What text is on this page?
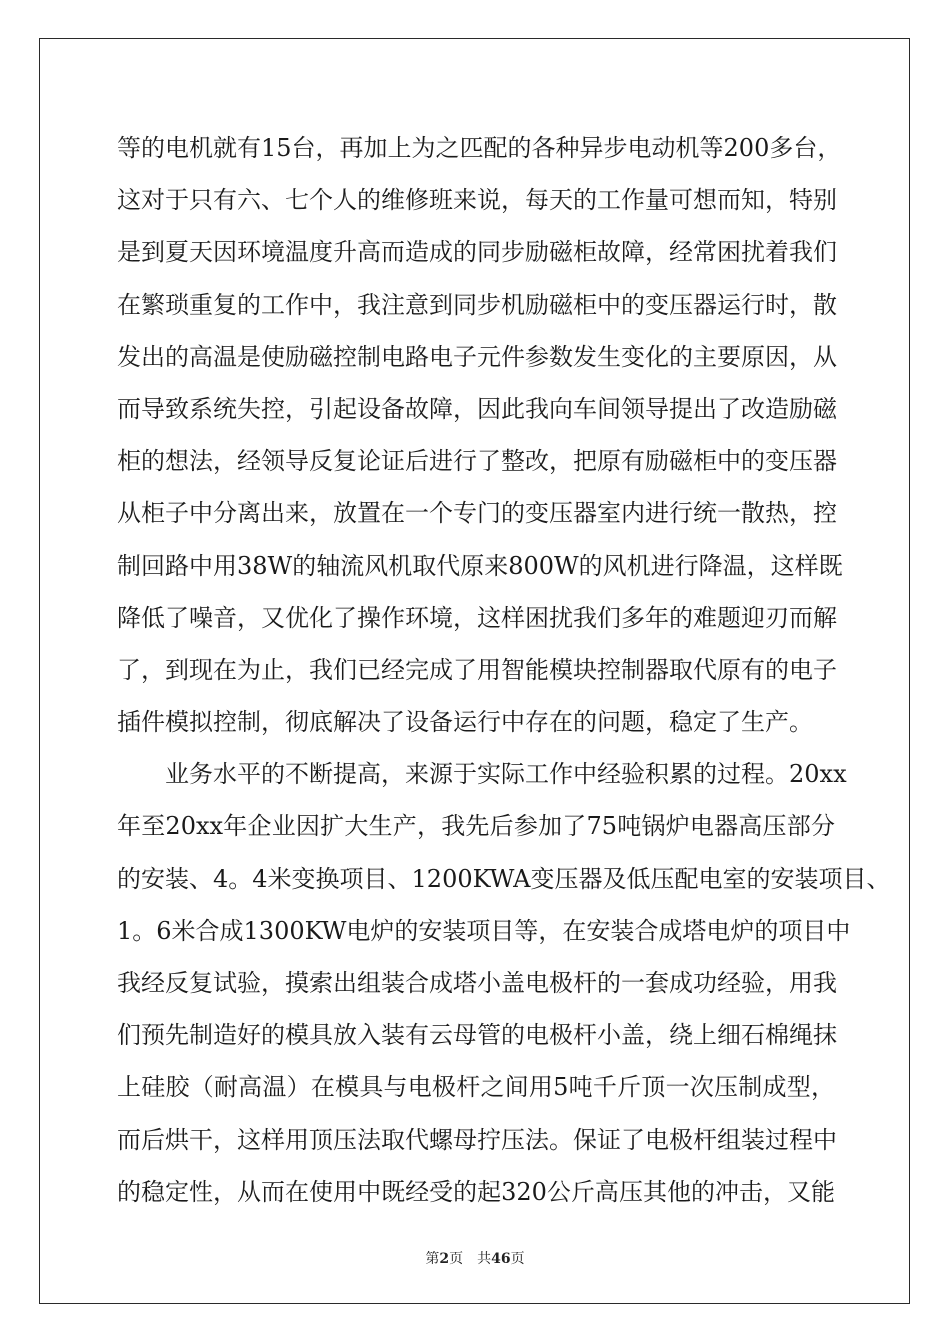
等的电机就有15台，再加上为之匹配的各种异步电动机等200多台，
这对于只有六、七个人的维修班来说，每天的工作量可想而知，特别
是到夏天因环境温度升高而造成的同步励磁柜故障，经常困扰着我们
在繁琐重复的工作中，我注意到同步机励磁柜中的变压器运行时，散
发出的高温是使励磁控制电路电子元件参数发生变化的主要原因，从
而导致系统失控，引起设备故障，因此我向车间领导提出了改造励磁
柜的想法，经领导反复论证后进行了整改，把原有励磁柜中的变压器
从柜子中分离出来，放置在一个专门的变压器室内进行统一散热，控
制回路中用38W的轴流风机取代原来800W的风机进行降温，这样既
降低了噪音，又优化了操作环境，这样困扰我们多年的难题迎刃而解
了，到现在为止，我们已经完成了用智能模块控制器取代原有的电子
插件模拟控制，彻底解决了设备运行中存在的问题，稳定了生产。
业务水平的不断提高，来源于实际工作中经验积累的过程。20xx
年至20xx年企业因扩大生产，我先后参加了75吨锅炉电器高压部分
的安装、4。4米变换项目、1200KWA变压器及低压配电室的安装项目、
1。6米合成1300KW电炉的安装项目等，在安装合成塔电炉的项目中
我经反复试验，摸索出组装合成塔小盖电极杆的一套成功经验，用我
们预先制造好的模具放入装有云母管的电极杆小盖，绕上细石棉绳抹
上硅胶（耐高温）在模具与电极杆之间用5吨千斤顶一次压制成型，
而后烘干，这样用顶压法取代螺母拧压法。保证了电极杆组装过程中
的稳定性，从而在使用中既经受的起320公斤高压其他的冲击，又能
第2页 共46页
